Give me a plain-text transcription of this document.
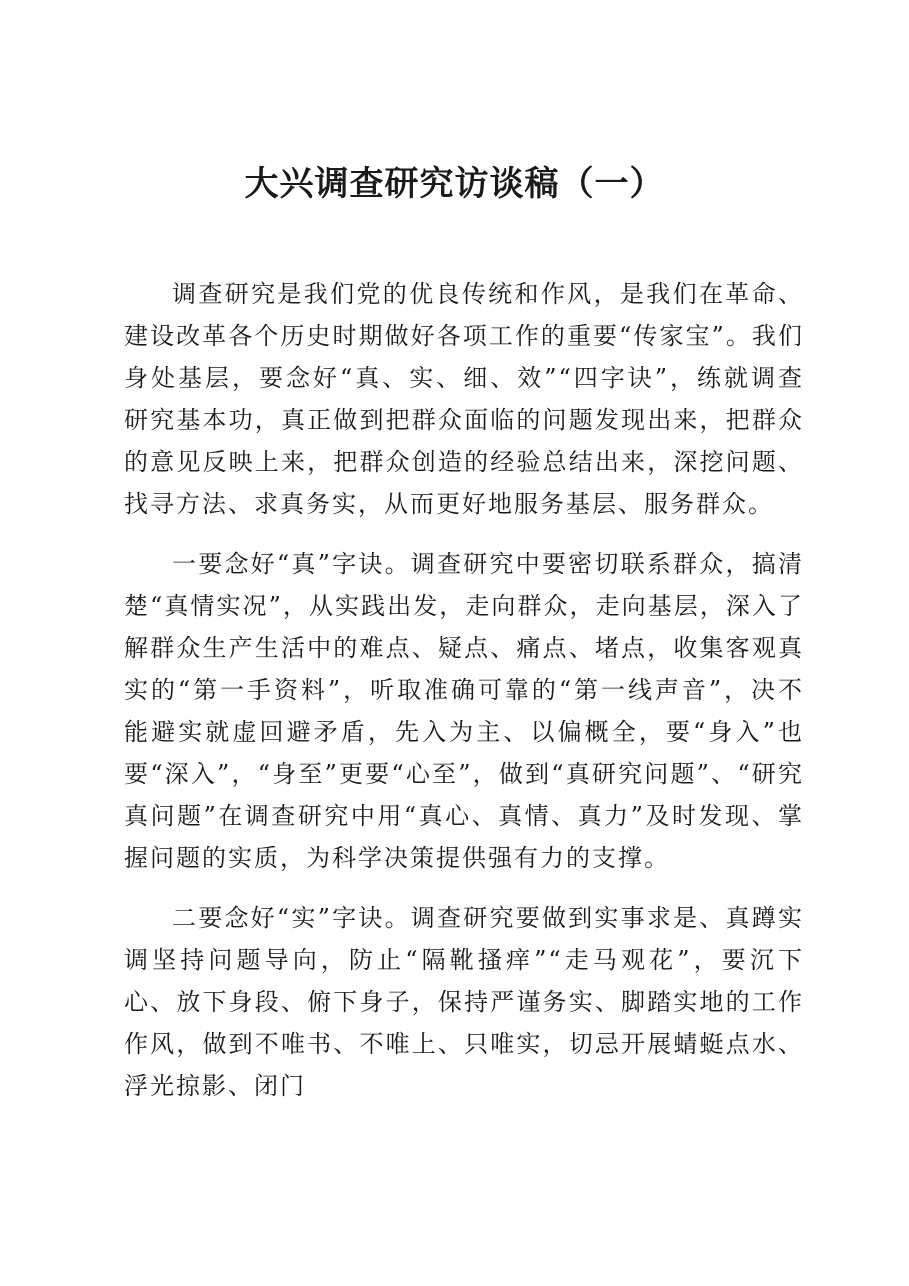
大兴调查研究访谈稿（一）

调查研究是我们党的优良传统和作风，是我们在革命、建设改革各个历史时期做好各项工作的重要“传家宝”。我们身处基层，要念好“真、实、细、效”“四字诀”，练就调查研究基本功，真正做到把群众面临的问题发现出来，把群众的意见反映上来，把群众创造的经验总结出来，深挖问题、找寻方法、求真务实，从而更好地服务基层、服务群众。

一要念好“真”字诀。调查研究中要密切联系群众，搞清楚“真情实况”，从实践出发，走向群众，走向基层，深入了解群众生产生活中的难点、疑点、痛点、堵点，收集客观真实的“第一手资料”，听取准确可靠的“第一线声音”，决不能避实就虚回避矛盾，先入为主、以偏概全，要“身入”也要“深入”，“身至”更要“心至”，做到“真研究问题”、“研究真问题”在调查研究中用“真心、真情、真力”及时发现、掌握问题的实质，为科学决策提供强有力的支撑。

二要念好“实”字诀。调查研究要做到实事求是、真蹲实调坚持问题导向，防止“隔靴搔痒”“走马观花”，要沉下心、放下身段、俯下身子，保持严谨务实、脚踏实地的工作作风，做到不唯书、不唯上、只唯实，切忌开展蜻蜓点水、浮光掠影、闭门
